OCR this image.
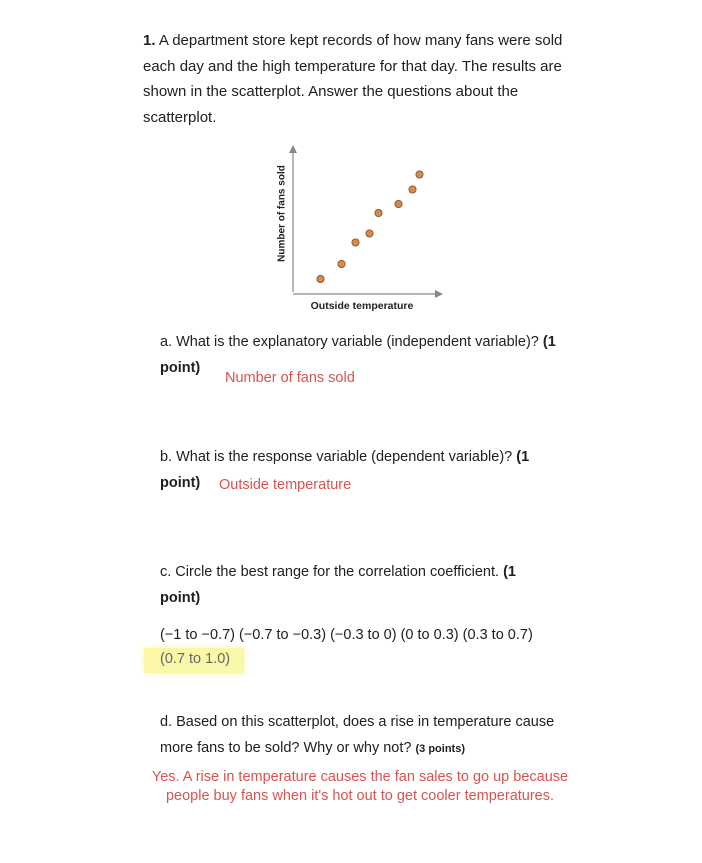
1. A department store kept records of how many fans were sold each day and the high temperature for that day. The results are shown in the scatterplot. Answer the questions about the scatterplot.
Number of fans sold
Outside temperature
a. What is the explanatory variable (independent variable)? (1
point)
Number of fans sold
b. What is the response variable (dependent variable)? (1
point) Outside temperature
c. Circle the best range for the correlation coefficient. (1
point)
(−1 to −0.7) (−0.7 to −0.3) (−0.3 to 0) (0 to 0.3) (0.3 to 0.7)
(0.7 to 1.0)
d. Based on this scatterplot, does a rise in temperature cause
more fans to be sold? Why or why not? (3 points)
Yes. A rise in temperature causes the fan sales to go up because
people buy fans when it's hot out to get cooler temperatures.
